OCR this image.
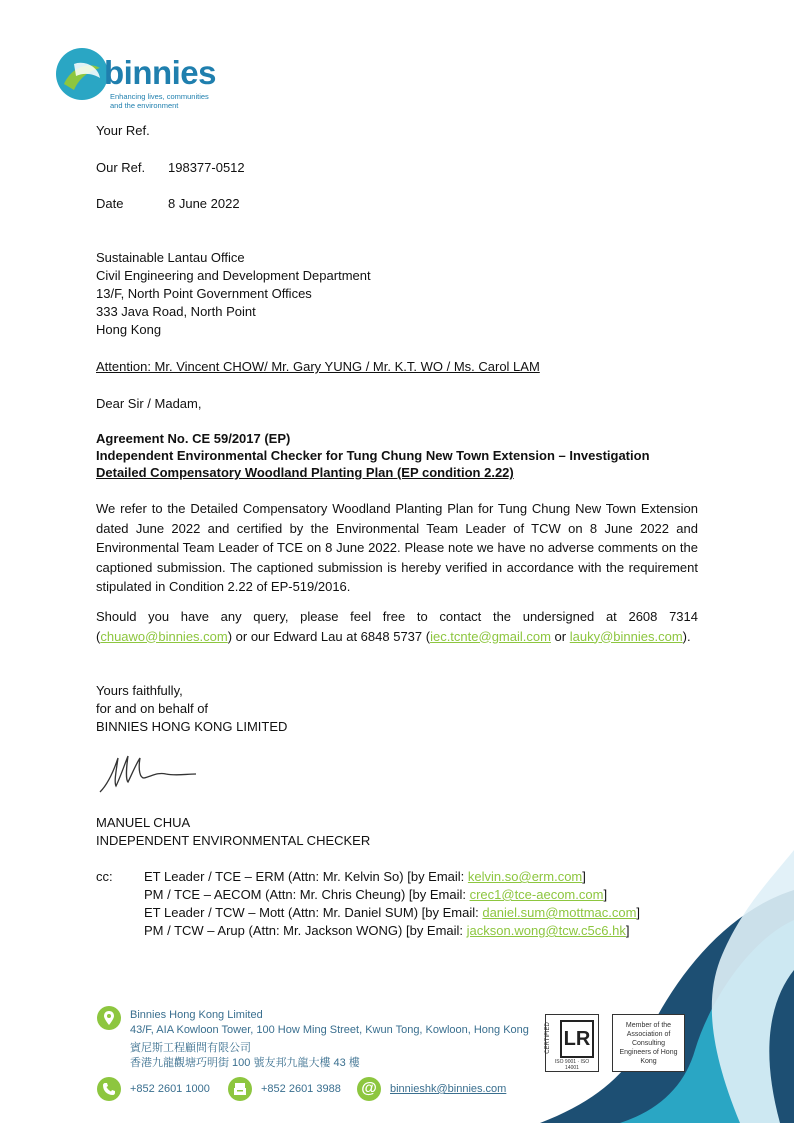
binnies
Enhancing lives, communities
and the environment
Your Ref.
Our Ref. 198377-0512
Date	8 June 2022
Sustainable Lantau Office
Civil Engineering and Development Department
13/F, North Point Government Offices
333 Java Road, North Point
Hong Kong
Attention: Mr. Vincent CHOW/ Mr. Gary YUNG / Mr. K.T. WO / Ms. Carol LAM
Dear Sir / Madam,
Agreement No. CE 59/2017 (EP)
Independent Environmental Checker for Tung Chung New Town Extension – Investigation
Detailed Compensatory Woodland Planting Plan (EP condition 2.22)
We refer to the Detailed Compensatory Woodland Planting Plan for Tung Chung New Town Extension dated June 2022 and certified by the Environmental Team Leader of TCW on 8 June 2022 and Environmental Team Leader of TCE on 8 June 2022. Please note we have no adverse comments on the captioned submission. The captioned submission is hereby verified in accordance with the requirement stipulated in Condition 2.22 of EP-519/2016.
Should you have any query, please feel free to contact the undersigned at 2608 7314 (chuawo@binnies.com) or our Edward Lau at 6848 5737 (iec.tcnte@gmail.com or lauky@binnies.com).
Yours faithfully,
for and on behalf of
BINNIES HONG KONG LIMITED
MANUEL CHUA
INDEPENDENT ENVIRONMENTAL CHECKER
cc: ET Leader / TCE – ERM (Attn: Mr. Kelvin So) [by Email: kelvin.so@erm.com]
PM / TCE – AECOM (Attn: Mr. Chris Cheung) [by Email: crec1@tce-aecom.com]
ET Leader / TCW – Mott (Attn: Mr. Daniel SUM) [by Email: daniel.sum@mottmac.com]
PM / TCW – Arup (Attn: Mr. Jackson WONG) [by Email: jackson.wong@tcw.c5c6.hk]
Binnies Hong Kong Limited
43/F, AIA Kowloon Tower, 100 How Ming Street, Kwun Tong, Kowloon, Hong Kong
賓尼斯工程顧問有限公司
香港九龍觀塘巧明街 100 號友邦九龍大樓 43 樓
+852 2601 1000	+852 2601 3988 @	binnieshk@binnies.com
CERTIFIED LR
ISO 9001 · ISO 14001
Member of the Association of Consulting Engineers of Hong Kong
